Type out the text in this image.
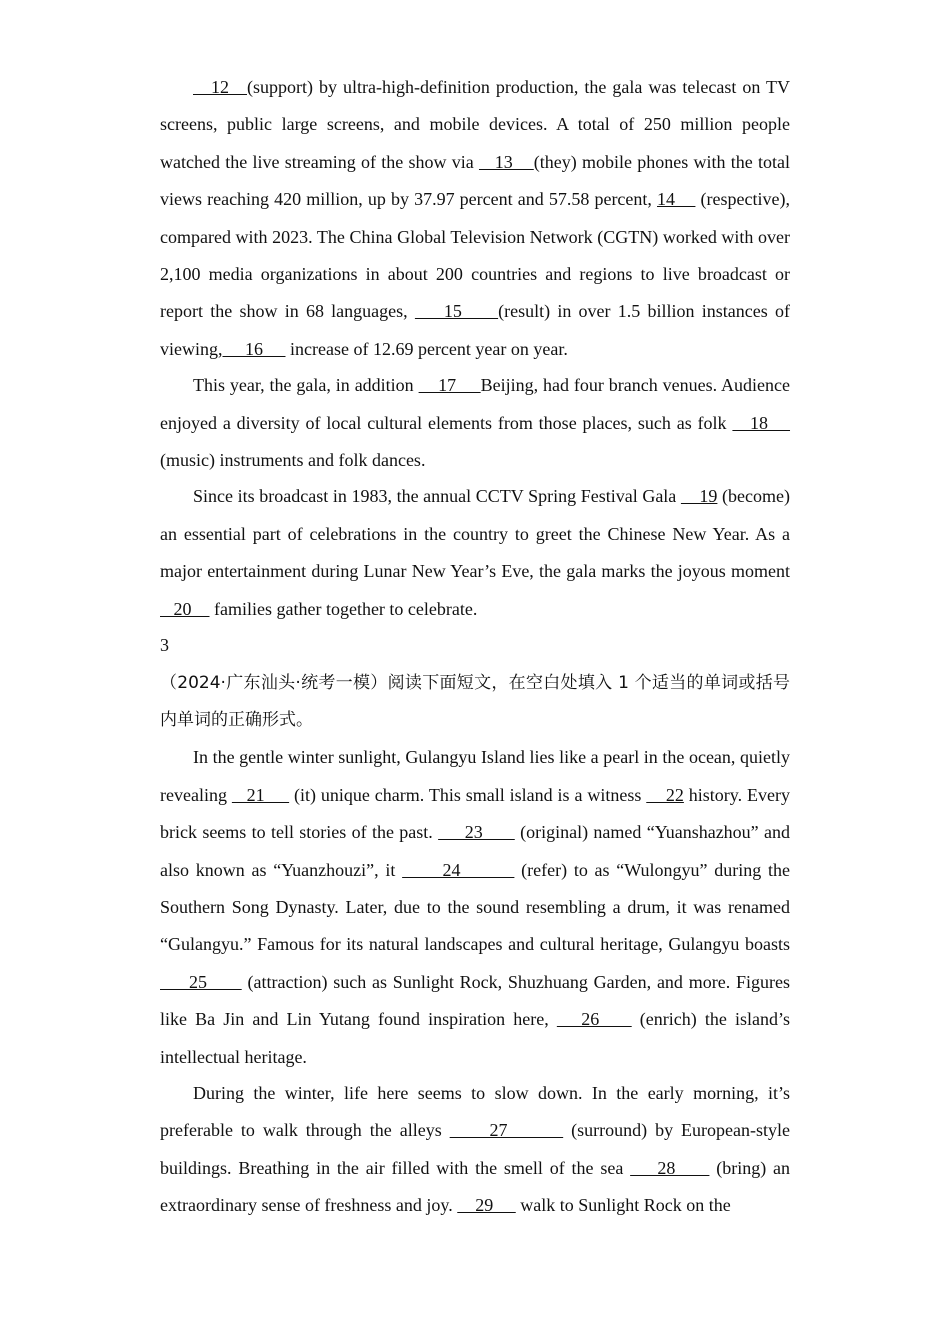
12   (support) by ultra-high-definition production, the gala was telecast on TV screens, public large screens, and mobile devices. A total of 250 million people watched the live streaming of the show via    13    (they) mobile phones with the total views reaching 420 million, up by 37.97 percent and 57.58 percent, 14     (respective), compared with 2023. The China Global Television Network (CGTN) worked with over 2,100 media organizations in about 200 countries and regions to live broadcast or report the show in 68 languages,     15     (result) in over 1.5 billion instances of viewing,     16      increase of 12.69 percent year on year.

This year, the gala, in addition     17     Beijing, had four branch venues. Audience enjoyed a diversity of local cultural elements from those places, such as folk    18     (music) instruments and folk dances.

Since its broadcast in 1983, the annual CCTV Spring Festival Gala     19 (become) an essential part of celebrations in the country to greet the Chinese New Year. As a major entertainment during Lunar New Year’s Eve, the gala marks the joyous moment    20     families gather together to celebrate.

3

（2024·广东汕头·统考一模）阅读下面短文，在空白处填入 1 个适当的单词或括号内单词的正确形式。

In the gentle winter sunlight, Gulangyu Island lies like a pearl in the ocean, quietly revealing    21      (it) unique charm. This small island is a witness     22 history. Every brick seems to tell stories of the past.      23       (original) named “Yuanshazhou” and also known as “Yuanzhouzi”, it       24         (refer) to as “Wulongyu” during the Southern Song Dynasty. Later, due to the sound resembling a drum, it was renamed “Gulangyu.” Famous for its natural landscapes and cultural heritage, Gulangyu boasts      25       (attraction) such as Sunlight Rock, Shuzhuang Garden, and more. Figures like Ba Jin and Lin Yutang found inspiration here,    26     (enrich) the island’s intellectual heritage.

During the winter, life here seems to slow down. In the early morning, it’s preferable to walk through the alleys      27        (surround) by European-style buildings. Breathing in the air filled with the smell of the sea     28      (bring) an extraordinary sense of freshness and joy.     29      walk to Sunlight Rock on the
